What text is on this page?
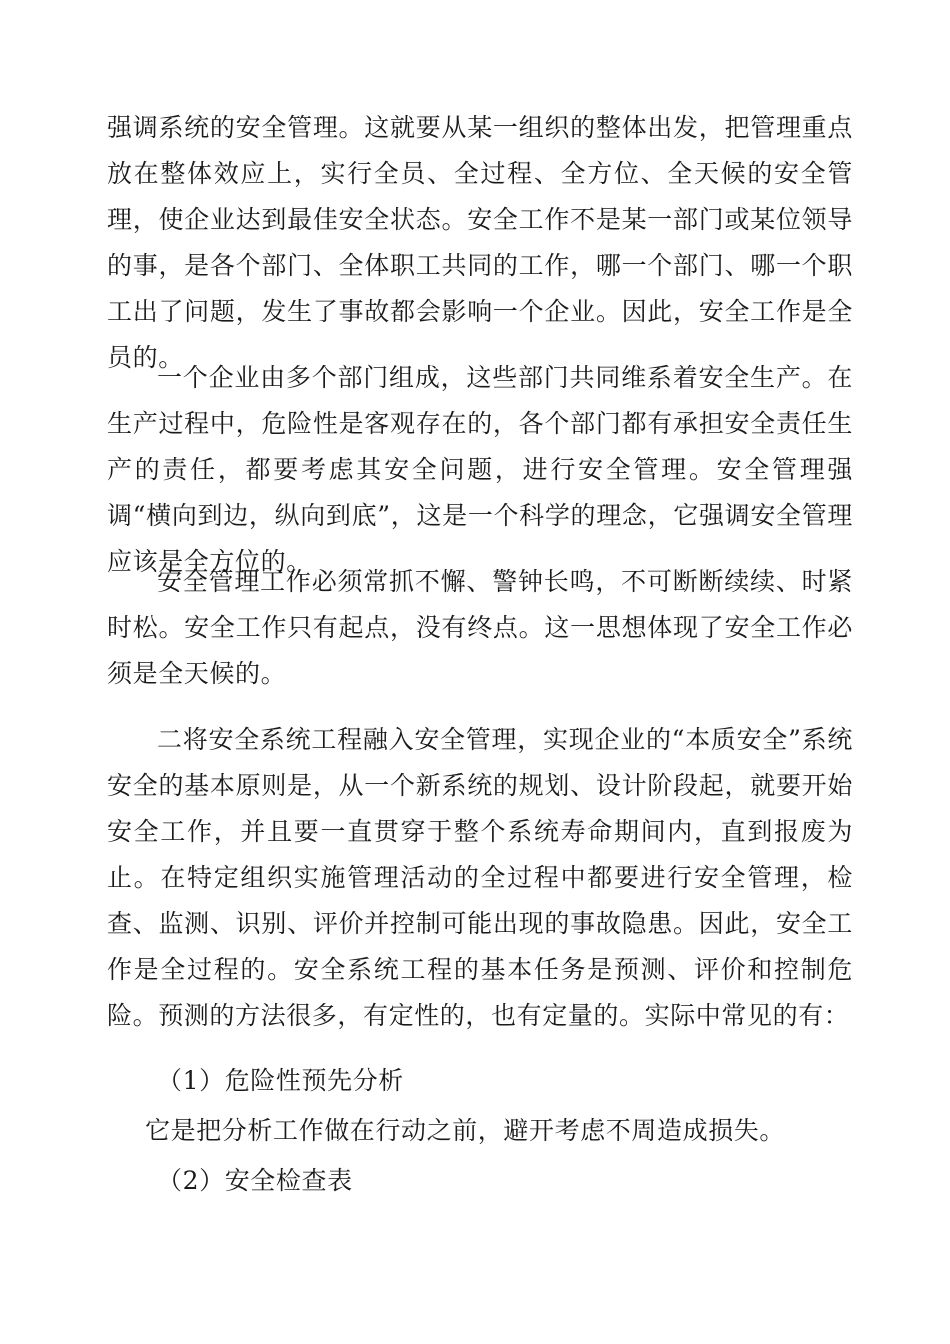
强调系统的安全管理。这就要从某一组织的整体出发，把管理重点放在整体效应上，实行全员、全过程、全方位、全天候的安全管理，使企业达到最佳安全状态。安全工作不是某一部门或某位领导的事，是各个部门、全体职工共同的工作，哪一个部门、哪一个职工出了问题，发生了事故都会影响一个企业。因此，安全工作是全员的。

一个企业由多个部门组成，这些部门共同维系着安全生产。在生产过程中，危险性是客观存在的，各个部门都有承担安全责任生产的责任，都要考虑其安全问题，进行安全管理。安全管理强调“横向到边，纵向到底”，这是一个科学的理念，它强调安全管理应该是全方位的。

安全管理工作必须常抓不懈、警钟长鸣，不可断断续续、时紧时松。安全工作只有起点，没有终点。这一思想体现了安全工作必须是全天候的。

二将安全系统工程融入安全管理，实现企业的“本质安全”系统安全的基本原则是，从一个新系统的规划、设计阶段起，就要开始安全工作，并且要一直贯穿于整个系统寿命期间内，直到报废为止。在特定组织实施管理活动的全过程中都要进行安全管理，检查、监测、识别、评价并控制可能出现的事故隐患。因此，安全工作是全过程的。安全系统工程的基本任务是预测、评价和控制危险。预测的方法很多，有定性的，也有定量的。实际中常见的有：

（1）危险性预先分析

它是把分析工作做在行动之前，避开考虑不周造成损失。

（2）安全检查表
